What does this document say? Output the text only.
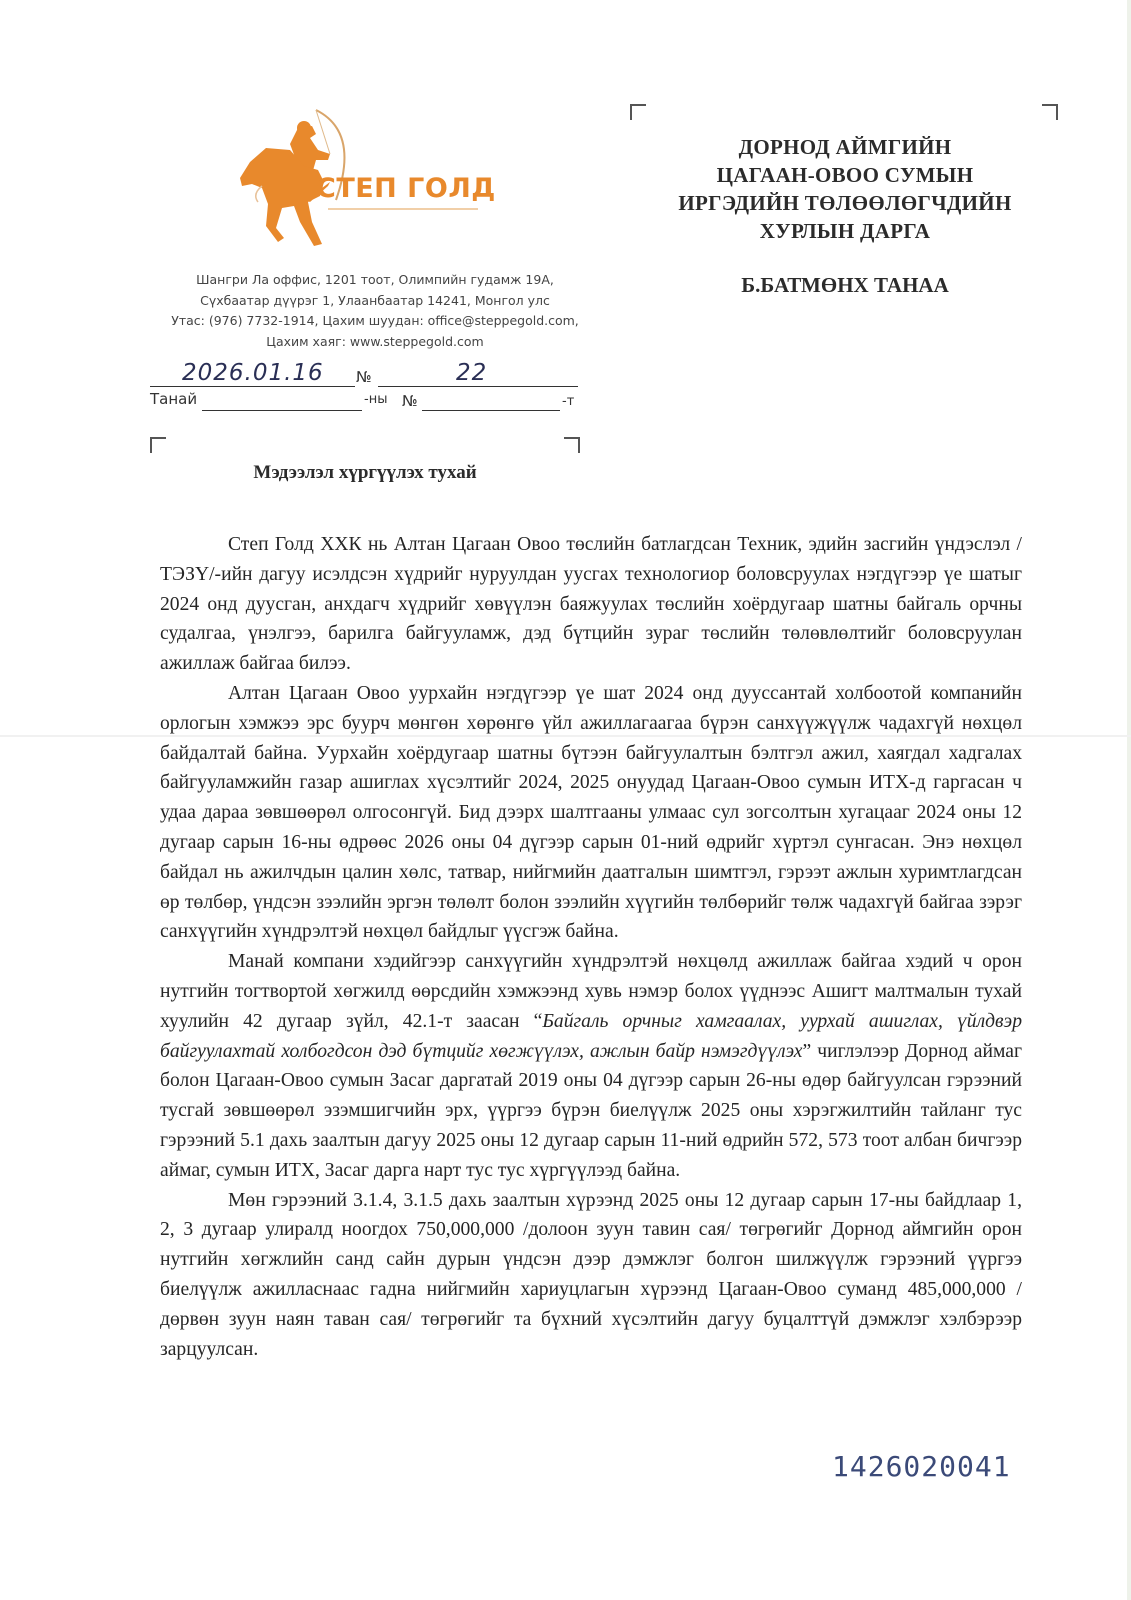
СТЕП ГОЛД
Шангри Ла оффис, 1201 тоот, Олимпийн гудамж 19А,
Сүхбаатар дүүрэг 1, Улаанбаатар 14241, Монгол улс
Утас: (976) 7732-1914, Цахим шуудан: office@steppegold.com,
Цахим хаяг: www.steppegold.com
2026.01.16 №	22
Танай	-ны №	-т
ДОРНОД АЙМГИЙН
ЦАГААН-ОВОО СУМЫН
ИРГЭДИЙН ТӨЛӨӨЛӨГЧДИЙН
ХУРЛЫН ДАРГА
Б.БАТМӨНХ ТАНАА
Мэдээлэл хүргүүлэх тухай

Степ Голд ХХК нь Алтан Цагаан Овоо төслийн батлагдсан Техник, эдийн засгийн үндэслэл /ТЭЗҮ/-ийн дагуу исэлдсэн хүдрийг нуруулдан уусгах технологиор боловсруулах нэгдүгээр үе шатыг 2024 онд дуусган, анхдагч хүдрийг хөвүүлэн баяжуулах төслийн хоёрдугаар шатны байгаль орчны судалгаа, үнэлгээ, барилга байгууламж, дэд бүтцийн зураг төслийн төлөвлөлтийг боловсруулан ажиллаж байгаа билээ.

Алтан Цагаан Овоо уурхайн нэгдүгээр үе шат 2024 онд дууссантай холбоотой компанийн орлогын хэмжээ эрс буурч мөнгөн хөрөнгө үйл ажиллагаагаа бүрэн санхүүжүүлж чадахгүй нөхцөл байдалтай байна. Уурхайн хоёрдугаар шатны бүтээн байгуулалтын бэлтгэл ажил, хаягдал хадгалах байгууламжийн газар ашиглах хүсэлтийг 2024, 2025 онуудад Цагаан-Овоо сумын ИТХ-д гаргасан ч удаа дараа зөвшөөрөл олгосонгүй. Бид дээрх шалтгааны улмаас сул зогсолтын хугацааг 2024 оны 12 дугаар сарын 16-ны өдрөөс 2026 оны 04 дүгээр сарын 01-ний өдрийг хүртэл сунгасан. Энэ нөхцөл байдал нь ажилчдын цалин хөлс, татвар, нийгмийн даатгалын шимтгэл, гэрээт ажлын хуримтлагдсан өр төлбөр, үндсэн зээлийн эргэн төлөлт болон зээлийн хүүгийн төлбөрийг төлж чадахгүй байгаа зэрэг санхүүгийн хүндрэлтэй нөхцөл байдлыг үүсгэж байна.

Манай компани хэдийгээр санхүүгийн хүндрэлтэй нөхцөлд ажиллаж байгаа хэдий ч орон нутгийн тогтвортой хөгжилд өөрсдийн хэмжээнд хувь нэмэр болох үүднээс Ашигт малтмалын тухай хуулийн 42 дугаар зүйл, 42.1-т заасан “Байгаль орчныг хамгаалах, уурхай ашиглах, үйлдвэр байгуулахтай холбогдсон дэд бүтцийг хөгжүүлэх, ажлын байр нэмэгдүүлэх” чиглэлээр Дорнод аймаг болон Цагаан-Овоо сумын Засаг даргатай 2019 оны 04 дүгээр сарын 26-ны өдөр байгуулсан гэрээний тусгай зөвшөөрөл эзэмшигчийн эрх, үүргээ бүрэн биелүүлж 2025 оны хэрэгжилтийн тайланг тус гэрээний 5.1 дахь заалтын дагуу 2025 оны 12 дугаар сарын 11-ний өдрийн 572, 573 тоот албан бичгээр аймаг, сумын ИТХ, Засаг дарга нарт тус тус хүргүүлээд байна.

Мөн гэрээний 3.1.4, 3.1.5 дахь заалтын хүрээнд 2025 оны 12 дугаар сарын 17-ны байдлаар 1, 2, 3 дугаар улиралд ноогдох 750,000,000 /долоон зуун тавин сая/ төгрөгийг Дорнод аймгийн орон нутгийн хөгжлийн санд сайн дурын үндсэн дээр дэмжлэг болгон шилжүүлж гэрээний үүргээ биелүүлж ажилласнаас гадна нийгмийн хариуцлагын хүрээнд Цагаан-Овоо суманд 485,000,000 /дөрвөн зуун наян таван сая/ төгрөгийг та бүхний хүсэлтийн дагуу буцалттүй дэмжлэг хэлбэрээр зарцуулсан.

1426020041
